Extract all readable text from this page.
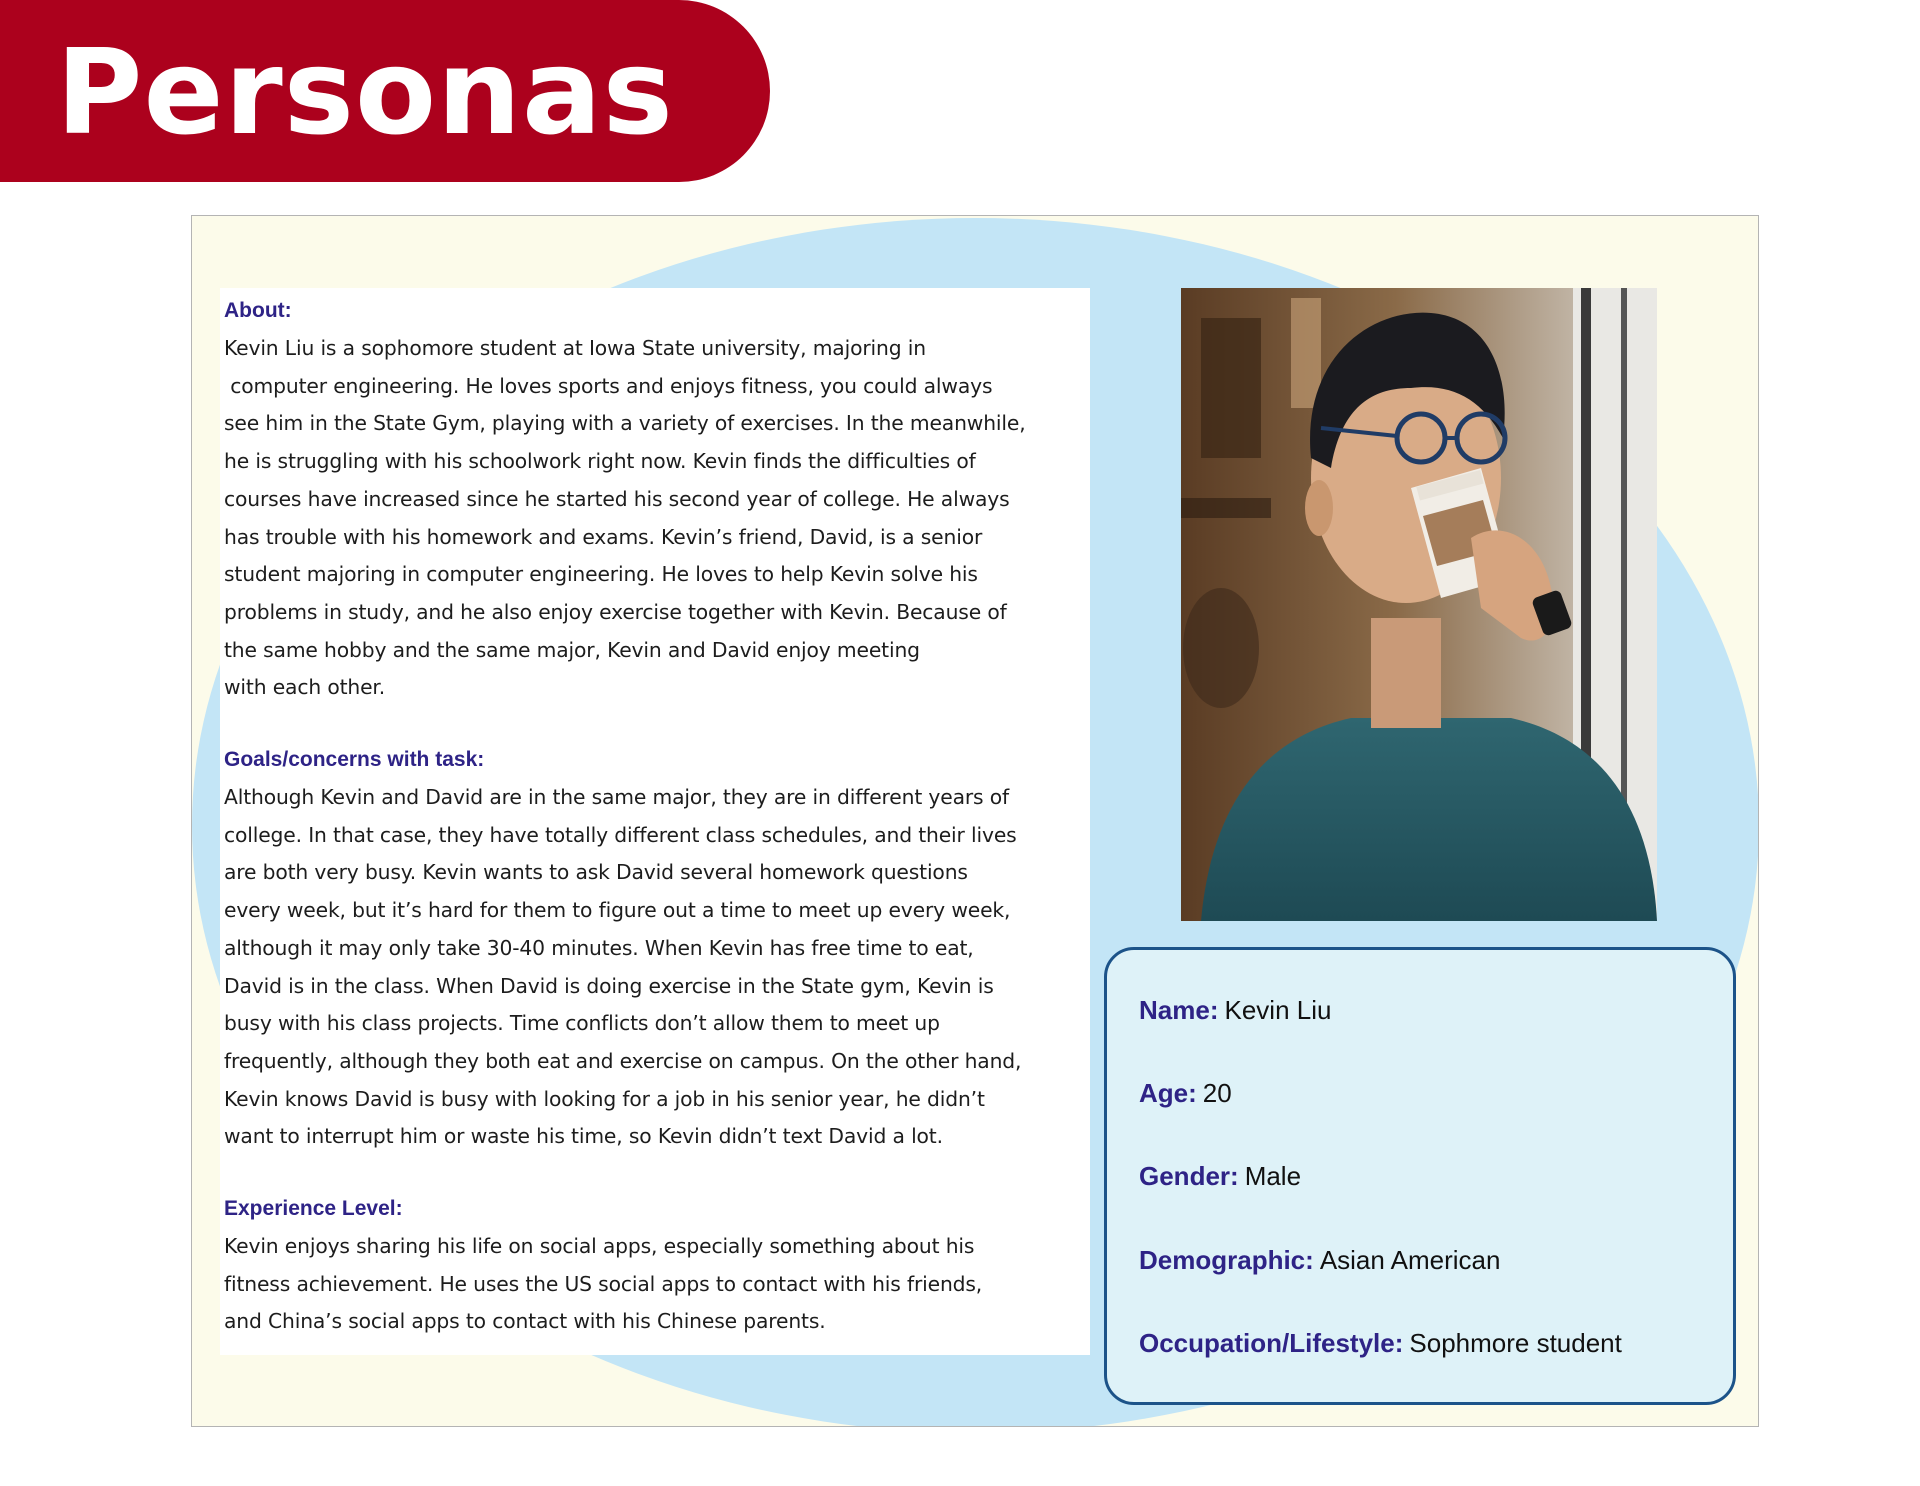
Personas
About:
Kevin Liu is a sophomore student at Iowa State university, majoring in
computer engineering. He loves sports and enjoys fitness, you could always
see him in the State Gym, playing with a variety of exercises. In the meanwhile,
he is struggling with his schoolwork right now. Kevin finds the difficulties of
courses have increased since he started his second year of college. He always
has trouble with his homework and exams. Kevin’s friend, David, is a senior
student majoring in computer engineering. He loves to help Kevin solve his
problems in study, and he also enjoy exercise together with Kevin. Because of
the same hobby and the same major, Kevin and David enjoy meeting
with each other.
Goals/concerns with task:
Although Kevin and David are in the same major, they are in different years of
college. In that case, they have totally different class schedules, and their lives
are both very busy. Kevin wants to ask David several homework questions
every week, but it’s hard for them to figure out a time to meet up every week,
although it may only take 30-40 minutes. When Kevin has free time to eat,
David is in the class. When David is doing exercise in the State gym, Kevin is
busy with his class projects. Time conflicts don’t allow them to meet up
frequently, although they both eat and exercise on campus. On the other hand,
Kevin knows David is busy with looking for a job in his senior year, he didn’t
want to interrupt him or waste his time, so Kevin didn’t text David a lot.
Experience Level:
Kevin enjoys sharing his life on social apps, especially something about his
fitness achievement. He uses the US social apps to contact with his friends,
and China’s social apps to contact with his Chinese parents.

Name: Kevin Liu

Age: 20

Gender: Male

Demographic: Asian American

Occupation/Lifestyle: Sophmore student
